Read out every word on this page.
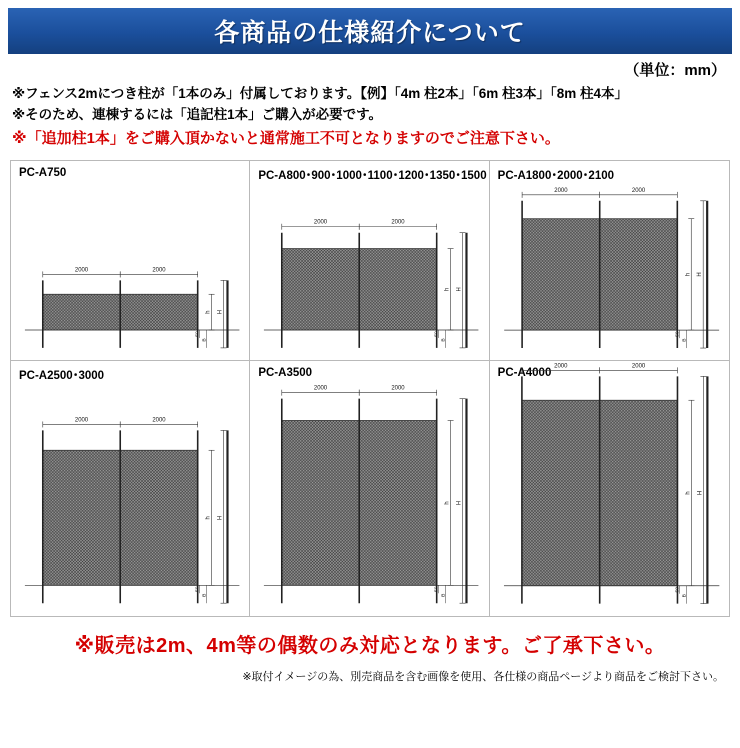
各商品の仕様紹介について
（単位：mm）
※フェンス2mにつき柱が「1本のみ」付属しております。【例】「4m 柱2本」「6m 柱3本」「8m 柱4本」
※そのため、連棟するには「追記柱1本」ご購入が必要です。
※「追加柱1本」をご購入頂かないと通常施工不可となりますのでご注意下さい。
PC-A750
2000	2000
h H
50
B
PC-A800･900･1000･1100･1200･1350･1500
2000	2000
h H
50
B
PC-A1800･2000･2100
2000	2000
h H
50
B
PC-A2500･3000
2000	2000
h H
50
B
PC-A3500
2000	2000
h H
50
B
PC-A4000
2000	2000
h H
50
B
※販売は2m、4m等の偶数のみ対応となります。ご了承下さい。
※取付イメージの為、別売商品を含む画像を使用、各仕様の商品ページより商品をご検討下さい。
